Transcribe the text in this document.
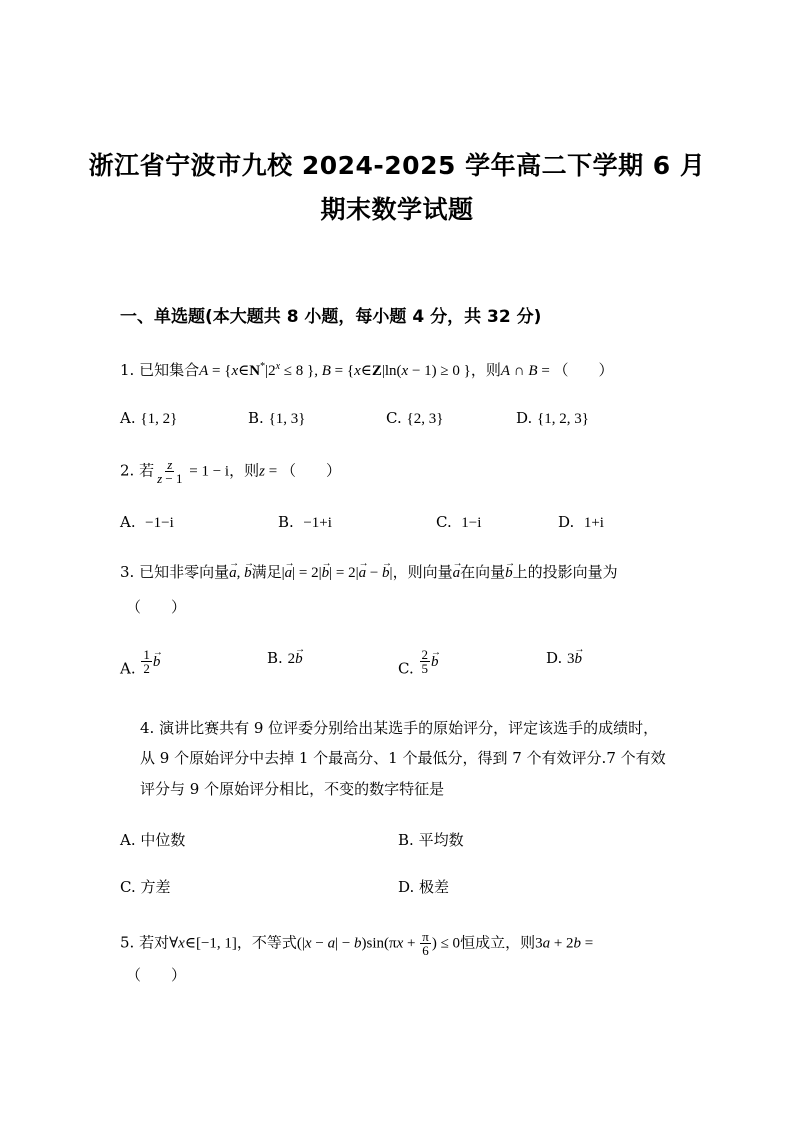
浙江省宁波市九校 2024-2025 学年高二下学期 6 月
期末数学试题
一、单选题(本大题共 8 小题，每小题 4 分，共 32 分)
1. 已知集合$A = \{x\in N^*|2^x \le 8$ }, B = {x∈Z|ln(x − 1) ≥ 0 }，则A ∩ B = （　　）
A. {1, 2}	B. {1, 3}	C. {2, 3}	D. {1, 2, 3}
2. 若 $\frac{z}{z - 1} = 1 - i$，则z = （　　）
A. −1−i	B. −1+i	C. 1−i	D. 1+i
3. 已知非零向量→ a, → b满足|→ a| = 2|→ b| = 2|→ a − → b|，则向量→ a在向量→ b上的投影向量为
（　　）
A. $\frac{1}{2}$
→ b	B. 2→ b
C. $\frac{2}{5}$
→ b	D. 3→ b
4. 演讲比赛共有 9 位评委分别给出某选手的原始评分，评定该选手的成绩时，
从 9 个原始评分中去掉 1 个最高分、1 个最低分，得到 7 个有效评分.7 个有效
评分与 9 个原始评分相比，不变的数字特征是
A. 中位数	B. 平均数
C. 方差	D. 极差
5. 若对∀x∈[−1, 1]，不等式$(|x - a| - b)\sin(\pi x + \frac{\pi}{6}$ ) ≤ 0恒成立，则3a + 2b =
（　　）
